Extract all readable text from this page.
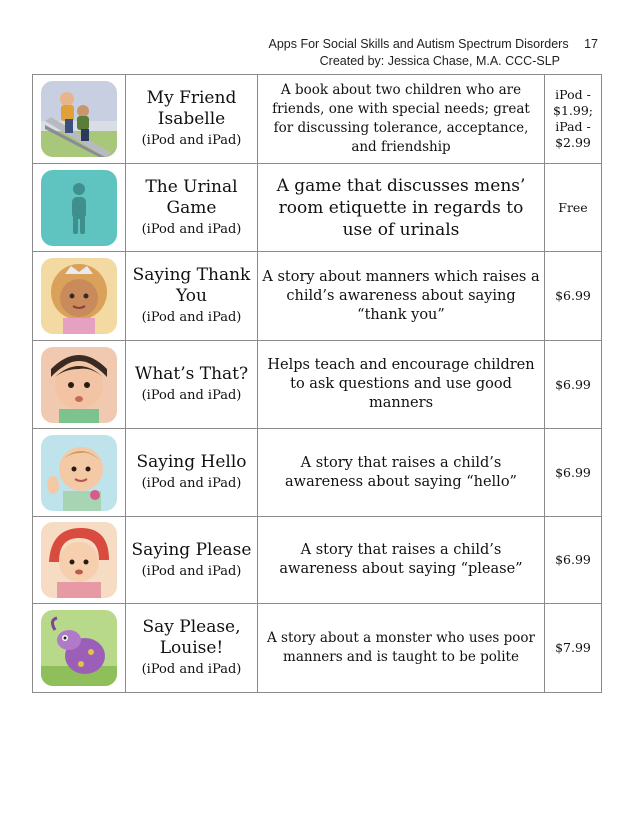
Apps For Social Skills and Autism Spectrum Disorders 17
Created by: Jessica Chase, M.A. CCC-SLP

My Friend Isabelle
(iPod and iPad)	A book about two children who are friends, one with special needs; great for discussing tolerance, acceptance, and friendship	iPod - $1.99; iPad - $2.99

The Urinal Game
(iPod and iPad)	A game that discusses mens’ room etiquette in regards to use of urinals	Free

Saying Thank You
(iPod and iPad)	A story about manners which raises a child’s awareness about saying “thank you”	$6.99

What’s That?
(iPod and iPad)	Helps teach and encourage children to ask questions and use good manners	$6.99

Saying Hello
(iPod and iPad)	A story that raises a child’s awareness about saying “hello”	$6.99

Saying Please
(iPod and iPad)	A story that raises a child’s awareness about saying “please”	$6.99

Say Please, Louise!
(iPod and iPad)	A story about a monster who uses poor manners and is taught to be polite	$7.99
